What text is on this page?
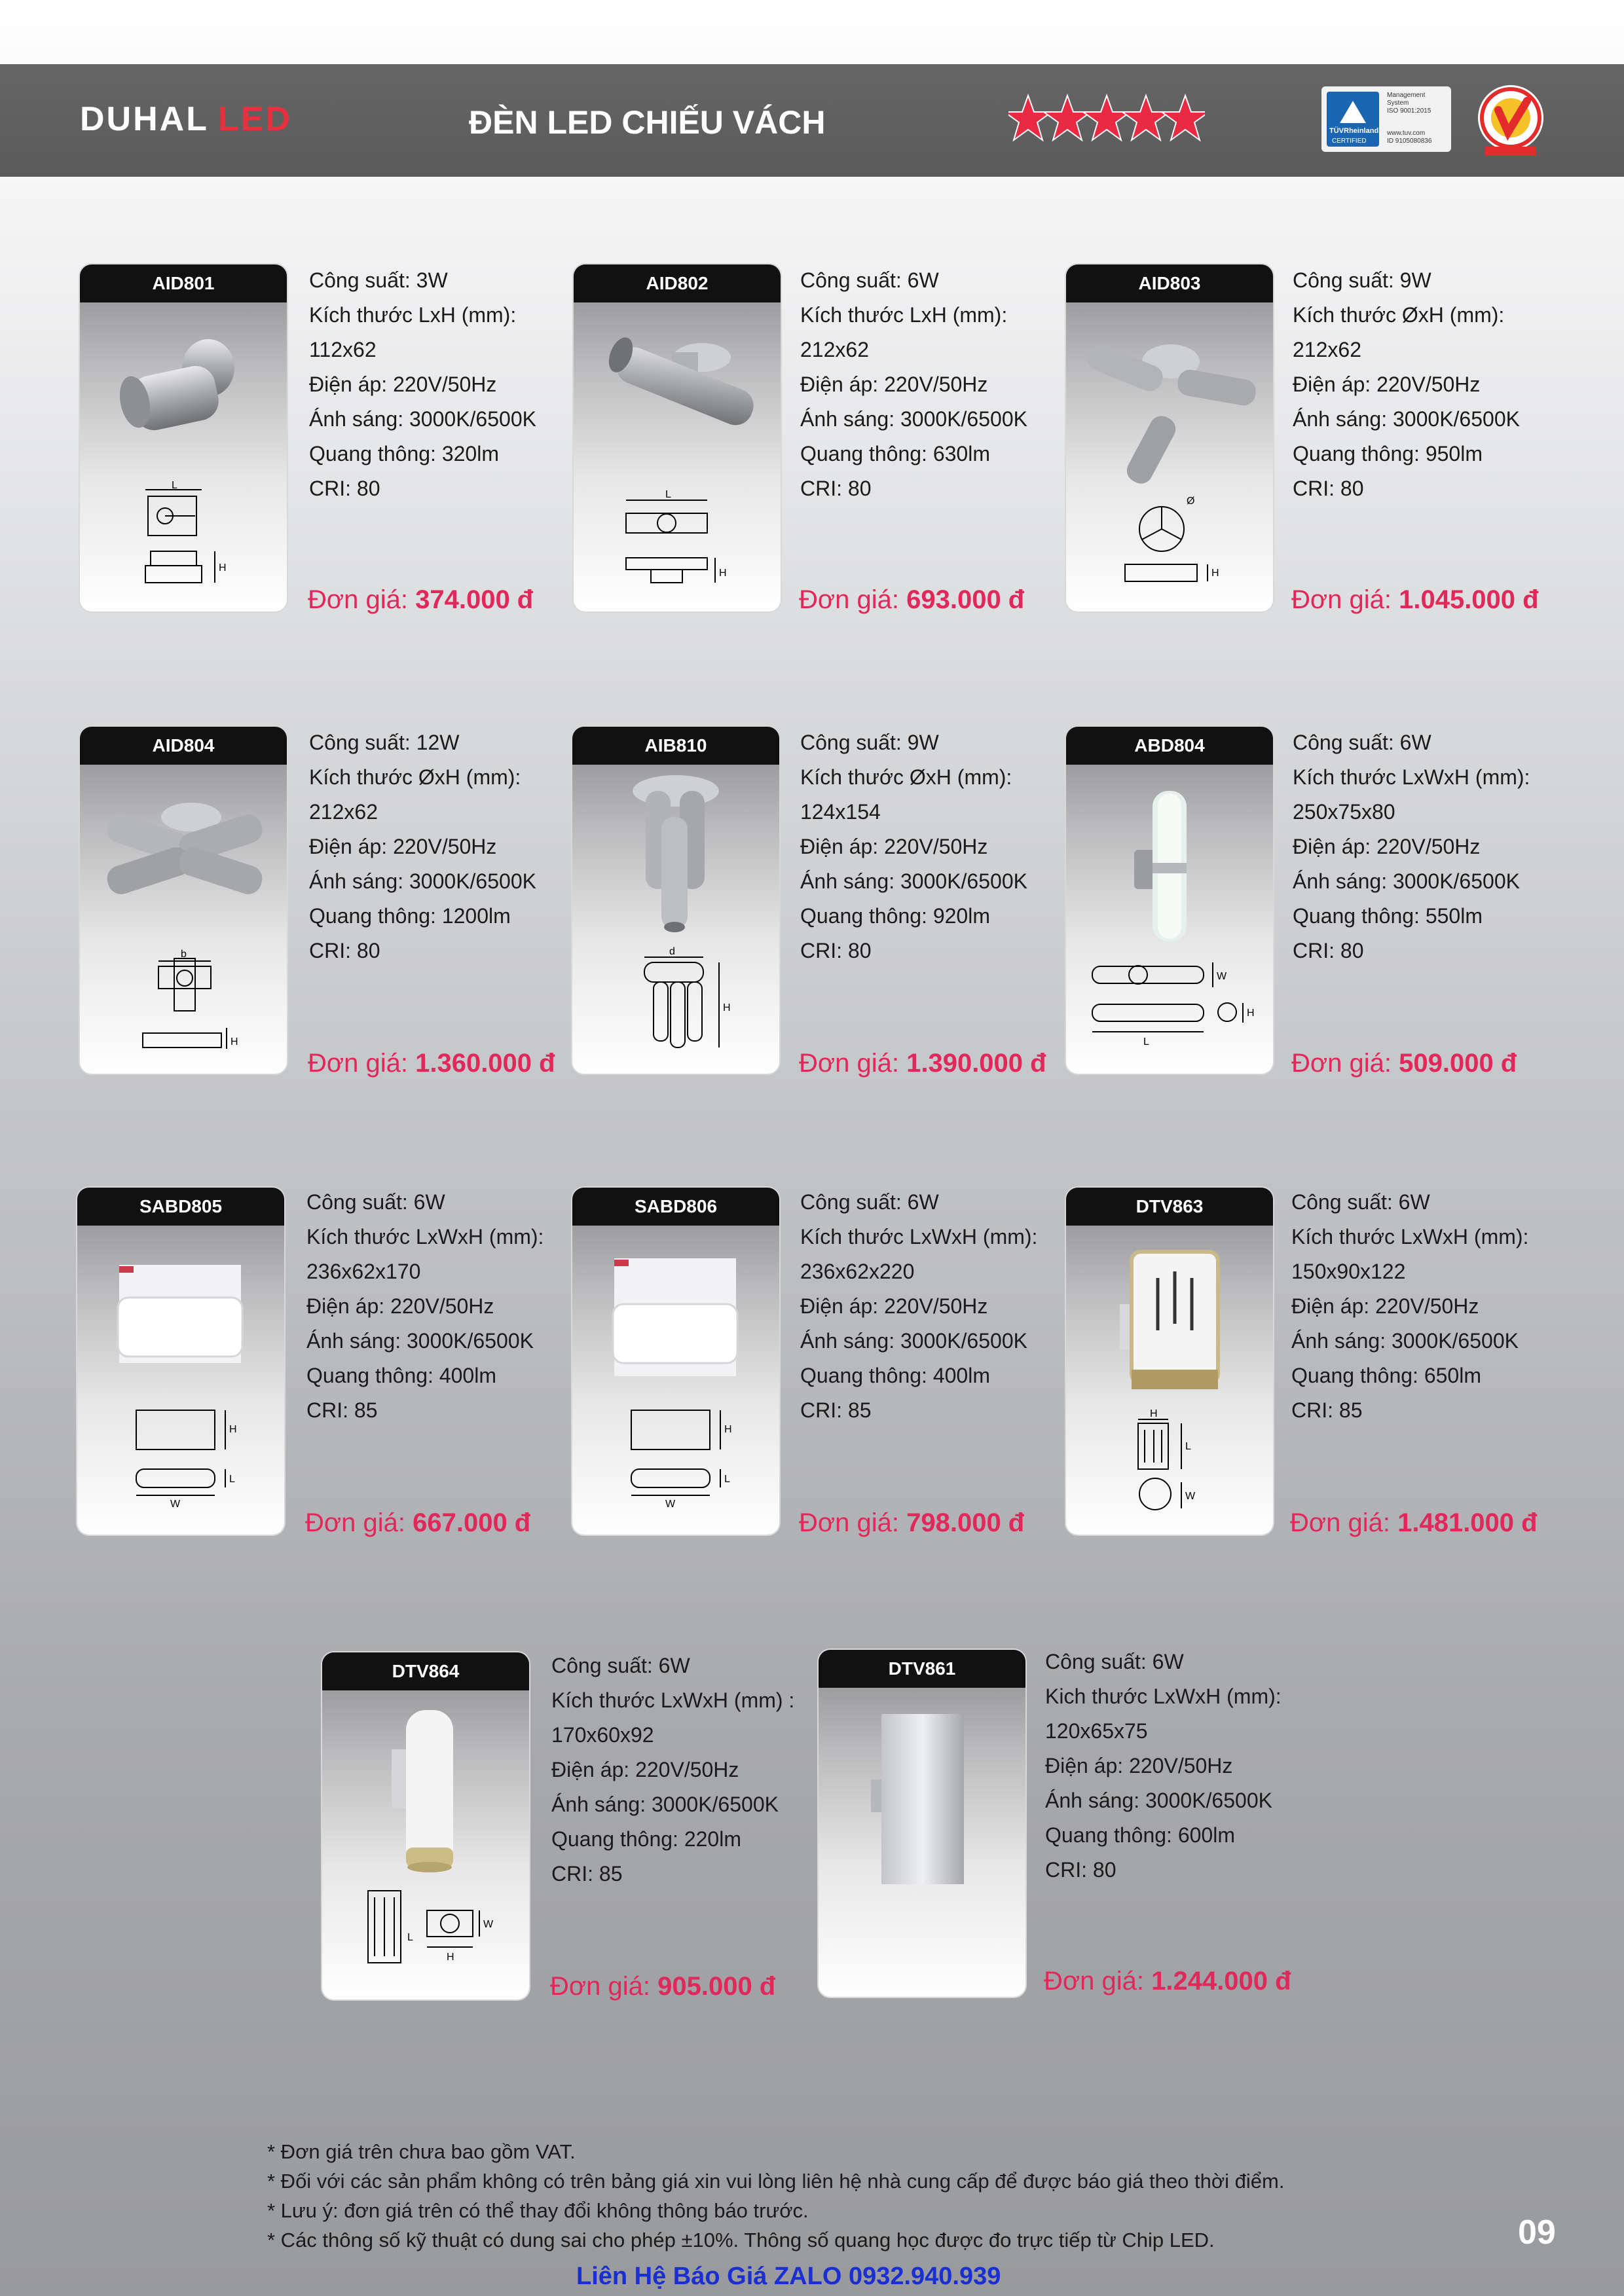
DUHAL LED	ĐÈN LED CHIẾU VÁCH	TÜVRheinland
CERTIFIED
Management
System
ISO 9001:2015
www.tuv.com
ID 9105080836
AID801
L
H
Công suất: 3W
Kích thước LxH (mm):
112x62
Điện áp: 220V/50Hz
Ánh sáng: 3000K/6500K
Quang thông: 320lm
CRI: 80
Đơn giá: 374.000 đ
AID802
L
H
Công suất: 6W
Kích thước LxH (mm):
212x62
Điện áp: 220V/50Hz
Ánh sáng: 3000K/6500K
Quang thông: 630lm
CRI: 80
Đơn giá: 693.000 đ
AID803
Ø
H
Công suất: 9W
Kích thước ØxH (mm):
212x62
Điện áp: 220V/50Hz
Ánh sáng: 3000K/6500K
Quang thông: 950lm
CRI: 80
Đơn giá: 1.045.000 đ
AID804
b
H
Công suất: 12W
Kích thước ØxH (mm):
212x62
Điện áp: 220V/50Hz
Ánh sáng: 3000K/6500K
Quang thông: 1200lm
CRI: 80
Đơn giá: 1.360.000 đ
AIB810
d
H
Công suất: 9W
Kích thước ØxH (mm):
124x154
Điện áp: 220V/50Hz
Ánh sáng: 3000K/6500K
Quang thông: 920lm
CRI: 80
Đơn giá: 1.390.000 đ
ABD804
W
H
L
Công suất: 6W
Kích thước LxWxH (mm):
250x75x80
Điện áp: 220V/50Hz
Ánh sáng: 3000K/6500K
Quang thông: 550lm
CRI: 80
Đơn giá: 509.000 đ
SABD805
H
L
W
Công suất: 6W
Kích thước LxWxH (mm):
236x62x170
Điện áp: 220V/50Hz
Ánh sáng: 3000K/6500K
Quang thông: 400lm
CRI: 85
Đơn giá: 667.000 đ
SABD806
H
L
W
Công suất: 6W
Kích thước LxWxH (mm):
236x62x220
Điện áp: 220V/50Hz
Ánh sáng: 3000K/6500K
Quang thông: 400lm
CRI: 85
Đơn giá: 798.000 đ
DTV863
H
L
W
Công suất: 6W
Kích thước LxWxH (mm):
150x90x122
Điện áp: 220V/50Hz
Ánh sáng: 3000K/6500K
Quang thông: 650lm
CRI: 85
Đơn giá: 1.481.000 đ
DTV864
W
L
H
Công suất: 6W
Kích thước LxWxH (mm) :
170x60x92
Điện áp: 220V/50Hz
Ánh sáng: 3000K/6500K
Quang thông: 220lm
CRI: 85
Đơn giá: 905.000 đ
DTV861	Công suất: 6W
Kich thước LxWxH (mm):
120x65x75
Điện áp: 220V/50Hz
Ánh sáng: 3000K/6500K
Quang thông: 600lm
CRI: 80
Đơn giá: 1.244.000 đ
* Đơn giá trên chưa bao gồm VAT.
* Đối với các sản phẩm không có trên bảng giá xin vui lòng liên hệ nhà cung cấp để được báo giá theo thời điểm.
* Lưu ý: đơn giá trên có thể thay đổi không thông báo trước.
* Các thông số kỹ thuật có dung sai cho phép ±10%. Thông số quang học được đo trực tiếp từ Chip LED.	09
Liên Hệ Báo Giá ZALO 0932.940.939
